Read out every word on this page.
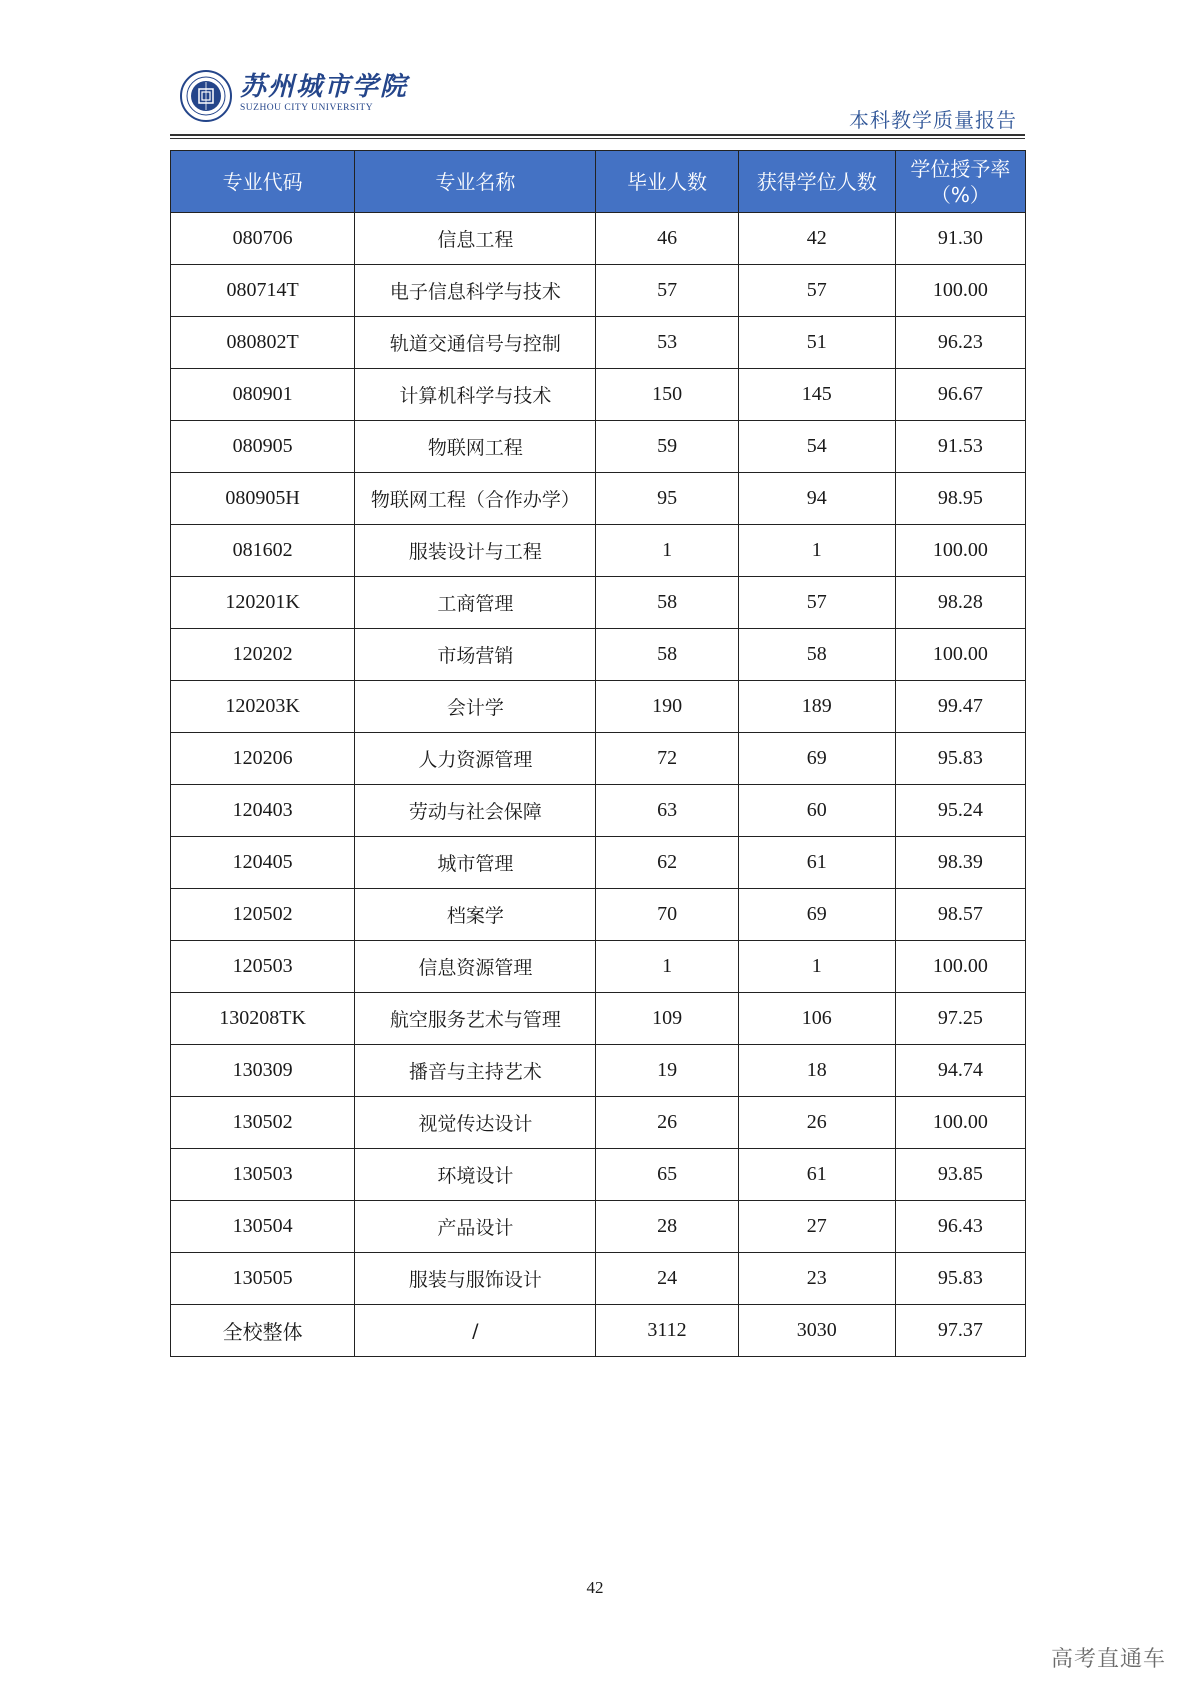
苏州城市学院
SUZHOU CITY UNIVERSITY	本科教学质量报告
专业代码	专业名称	毕业人数	获得学位人数	学位授予率（%）
080706	信息工程	46	42	91.30
080714T	电子信息科学与技术	57	57	100.00
080802T	轨道交通信号与控制	53	51	96.23
080901	计算机科学与技术	150	145	96.67
080905	物联网工程	59	54	91.53
080905H	物联网工程（合作办学）	95	94	98.95
081602	服装设计与工程	1	1	100.00
120201K	工商管理	58	57	98.28
120202	市场营销	58	58	100.00
120203K	会计学	190	189	99.47
120206	人力资源管理	72	69	95.83
120403	劳动与社会保障	63	60	95.24
120405	城市管理	62	61	98.39
120502	档案学	70	69	98.57
120503	信息资源管理	1	1	100.00
130208TK	航空服务艺术与管理	109	106	97.25
130309	播音与主持艺术	19	18	94.74
130502	视觉传达设计	26	26	100.00
130503	环境设计	65	61	93.85
130504	产品设计	28	27	96.43
130505	服装与服饰设计	24	23	95.83
全校整体	/	3112	3030	97.37
42
高考直通车
